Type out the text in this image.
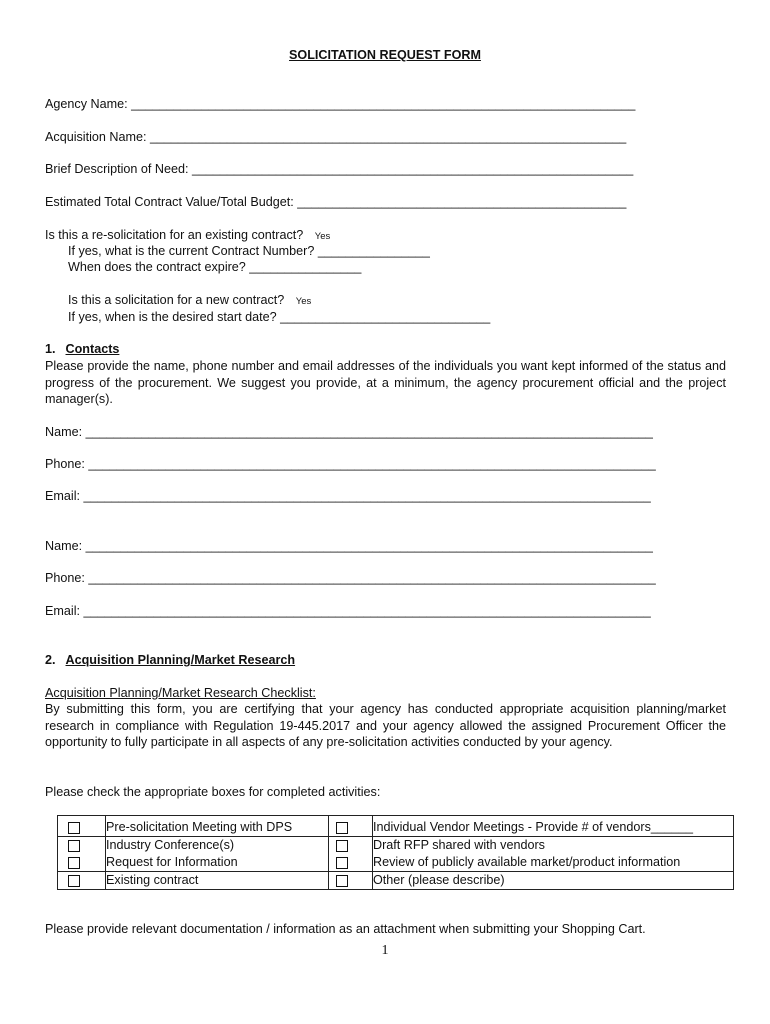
SOLICITATION REQUEST FORM
Agency Name: ________________________________________________________________________
Acquisition Name: ____________________________________________________________________
Brief Description of Need: _______________________________________________________________
Estimated Total Contract Value/Total Budget: _______________________________________________
Is this a re-solicitation for an existing contract? Yes
If yes, what is the current Contract Number? ________________
When does the contract expire? ________________
Is this a solicitation for a new contract? Yes
If yes, when is the desired start date? ______________________________
1. Contacts
Please provide the name, phone number and email addresses of the individuals you want kept informed of the status and progress of the procurement. We suggest you provide, at a minimum, the agency procurement official and the project manager(s).
Name: _________________________________________________________________________________
Phone: _________________________________________________________________________________
Email: _________________________________________________________________________________
Name: _________________________________________________________________________________
Phone: _________________________________________________________________________________
Email: _________________________________________________________________________________
2. Acquisition Planning/Market Research
Acquisition Planning/Market Research Checklist:
By submitting this form, you are certifying that your agency has conducted appropriate acquisition planning/market research in compliance with Regulation 19-445.2017 and your agency allowed the assigned Procurement Officer the opportunity to fully participate in all aspects of any pre-solicitation activities conducted by your agency.
Please check the appropriate boxes for completed activities:
	Pre-solicitation Meeting with DPS		Individual Vendor Meetings - Provide # of vendors______
	Industry Conference(s)		Draft RFP shared with vendors
	Request for Information		Review of publicly available market/product information
	Existing contract		Other (please describe)
Please provide relevant documentation / information as an attachment when submitting your Shopping Cart.
1
